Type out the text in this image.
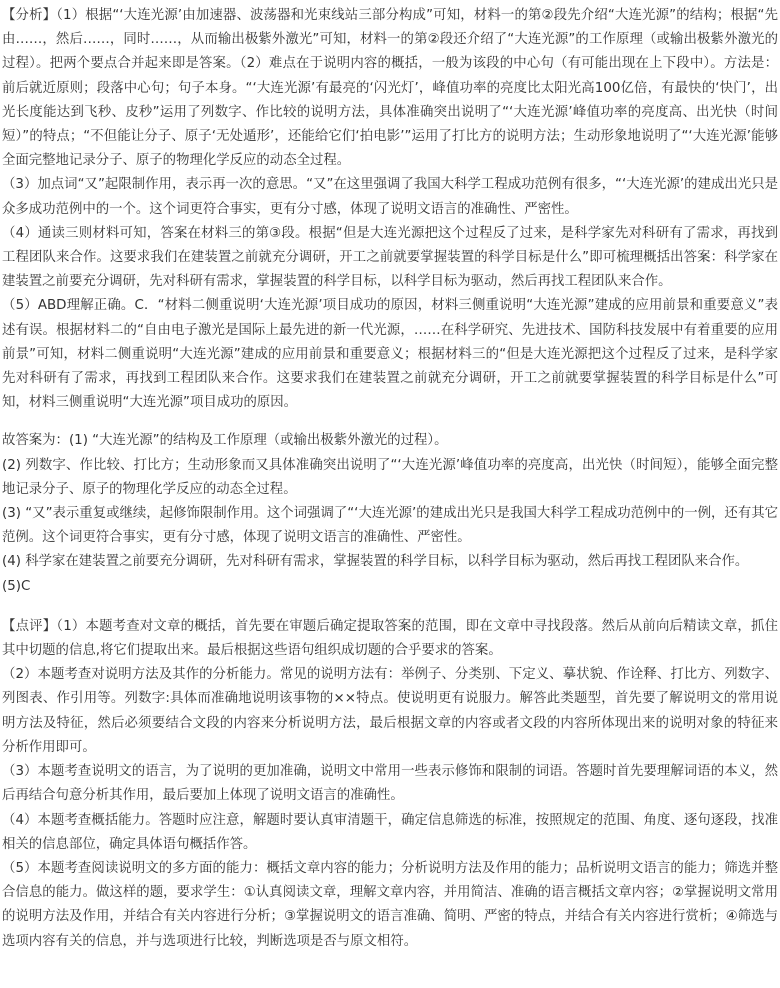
【分析】（1）根据“‘大连光源’由加速器、波荡器和光束线站三部分构成”可知，材料一的第②段先介绍“大连光源”的结构；根据“先由……，然后……，同时……，从而输出极紫外激光”可知，材料一的第②段还介绍了“大连光源”的工作原理（或输出极紫外激光的过程）。把两个要点合并起来即是答案。（2）难点在于说明内容的概括，一般为该段的中心句（有可能出现在上下段中）。方法是：前后就近原则；段落中心句；句子本身。“‘大连光源’有最亮的‘闪光灯’，峰值功率的亮度比太阳光高100亿倍，有最快的‘快门’，出光长度能达到飞秒、皮秒”运用了列数字、作比较的说明方法，具体准确突出说明了“‘大连光源’峰值功率的亮度高、出光快（时间短）”的特点；“不但能让分子、原子‘无处遁形’，还能给它们‘拍电影’”运用了打比方的说明方法；生动形象地说明了“‘大连光源’能够全面完整地记录分子、原子的物理化学反应的动态全过程。

（3）加点词“又”起限制作用，表示再一次的意思。“又”在这里强调了我国大科学工程成功范例有很多，“‘大连光源’的建成出光只是众多成功范例中的一个。这个词更符合事实，更有分寸感，体现了说明文语言的准确性、严密性。

（4）通读三则材料可知，答案在材料三的第③段。根据“但是大连光源把这个过程反了过来，是科学家先对科研有了需求，再找到工程团队来合作。这要求我们在建装置之前就充分调研，开工之前就要掌握装置的科学目标是什么”即可梳理概括出答案：科学家在建装置之前要充分调研，先对科研有需求，掌握装置的科学目标，以科学目标为驱动，然后再找工程团队来合作。

（5）ABD理解正确。C．“材料二侧重说明‘大连光源’项目成功的原因，材料三侧重说明“大连光源”建成的应用前景和重要意义”表述有误。根据材料二的“自由电子激光是国际上最先进的新一代光源，……在科学研究、先进技术、国防科技发展中有着重要的应用前景”可知，材料二侧重说明“大连光源”建成的应用前景和重要意义；根据材料三的“但是大连光源把这个过程反了过来，是科学家先对科研有了需求，再找到工程团队来合作。这要求我们在建装置之前就充分调研，开工之前就要掌握装置的科学目标是什么”可知，材料三侧重说明“大连光源”项目成功的原因。

故答案为：(1) “大连光源”的结构及工作原理（或输出极紫外激光的过程）。

(2) 列数字、作比较、打比方；生动形象而又具体准确突出说明了“‘大连光源’峰值功率的亮度高，出光快（时间短），能够全面完整地记录分子、原子的物理化学反应的动态全过程。

(3) “又”表示重复或继续，起修饰限制作用。这个词强调了“‘大连光源’的建成出光只是我国大科学工程成功范例中的一例，还有其它范例。这个词更符合事实，更有分寸感，体现了说明文语言的准确性、严密性。

(4) 科学家在建装置之前要充分调研，先对科研有需求，掌握装置的科学目标，以科学目标为驱动，然后再找工程团队来合作。

(5)C

【点评】（1）本题考查对文章的概括，首先要在审题后确定提取答案的范围，即在文章中寻找段落。然后从前向后精读文章，抓住其中切题的信息,将它们提取出来。最后根据这些语句组织成切题的合乎要求的答案。

（2）本题考查对说明方法及其作的分析能力。常见的说明方法有：举例子、分类别、下定义、摹状貌、作诠释、打比方、列数字、列图表、作引用等。列数字:具体而准确地说明该事物的××特点。使说明更有说服力。解答此类题型，首先要了解说明文的常用说明方法及特征，然后必须要结合文段的内容来分析说明方法，最后根据文章的内容或者文段的内容所体现出来的说明对象的特征来分析作用即可。

（3）本题考查说明文的语言，为了说明的更加准确，说明文中常用一些表示修饰和限制的词语。答题时首先要理解词语的本义，然后再结合句意分析其作用，最后要加上体现了说明文语言的准确性。

（4）本题考查概括能力。答题时应注意，解题时要认真审清题干，确定信息筛选的标准，按照规定的范围、角度、逐句逐段，找准相关的信息部位，确定具体语句概括作答。

（5）本题考查阅读说明文的多方面的能力：概括文章内容的能力；分析说明方法及作用的能力；品析说明文语言的能力；筛选并整合信息的能力。做这样的题，要求学生：①认真阅读文章，理解文章内容，并用简洁、准确的语言概括文章内容；②掌握说明文常用的说明方法及作用，并结合有关内容进行分析；③掌握说明文的语言准确、简明、严密的特点，并结合有关内容进行赏析；④筛选与选项内容有关的信息，并与选项进行比较，判断选项是否与原文相符。
